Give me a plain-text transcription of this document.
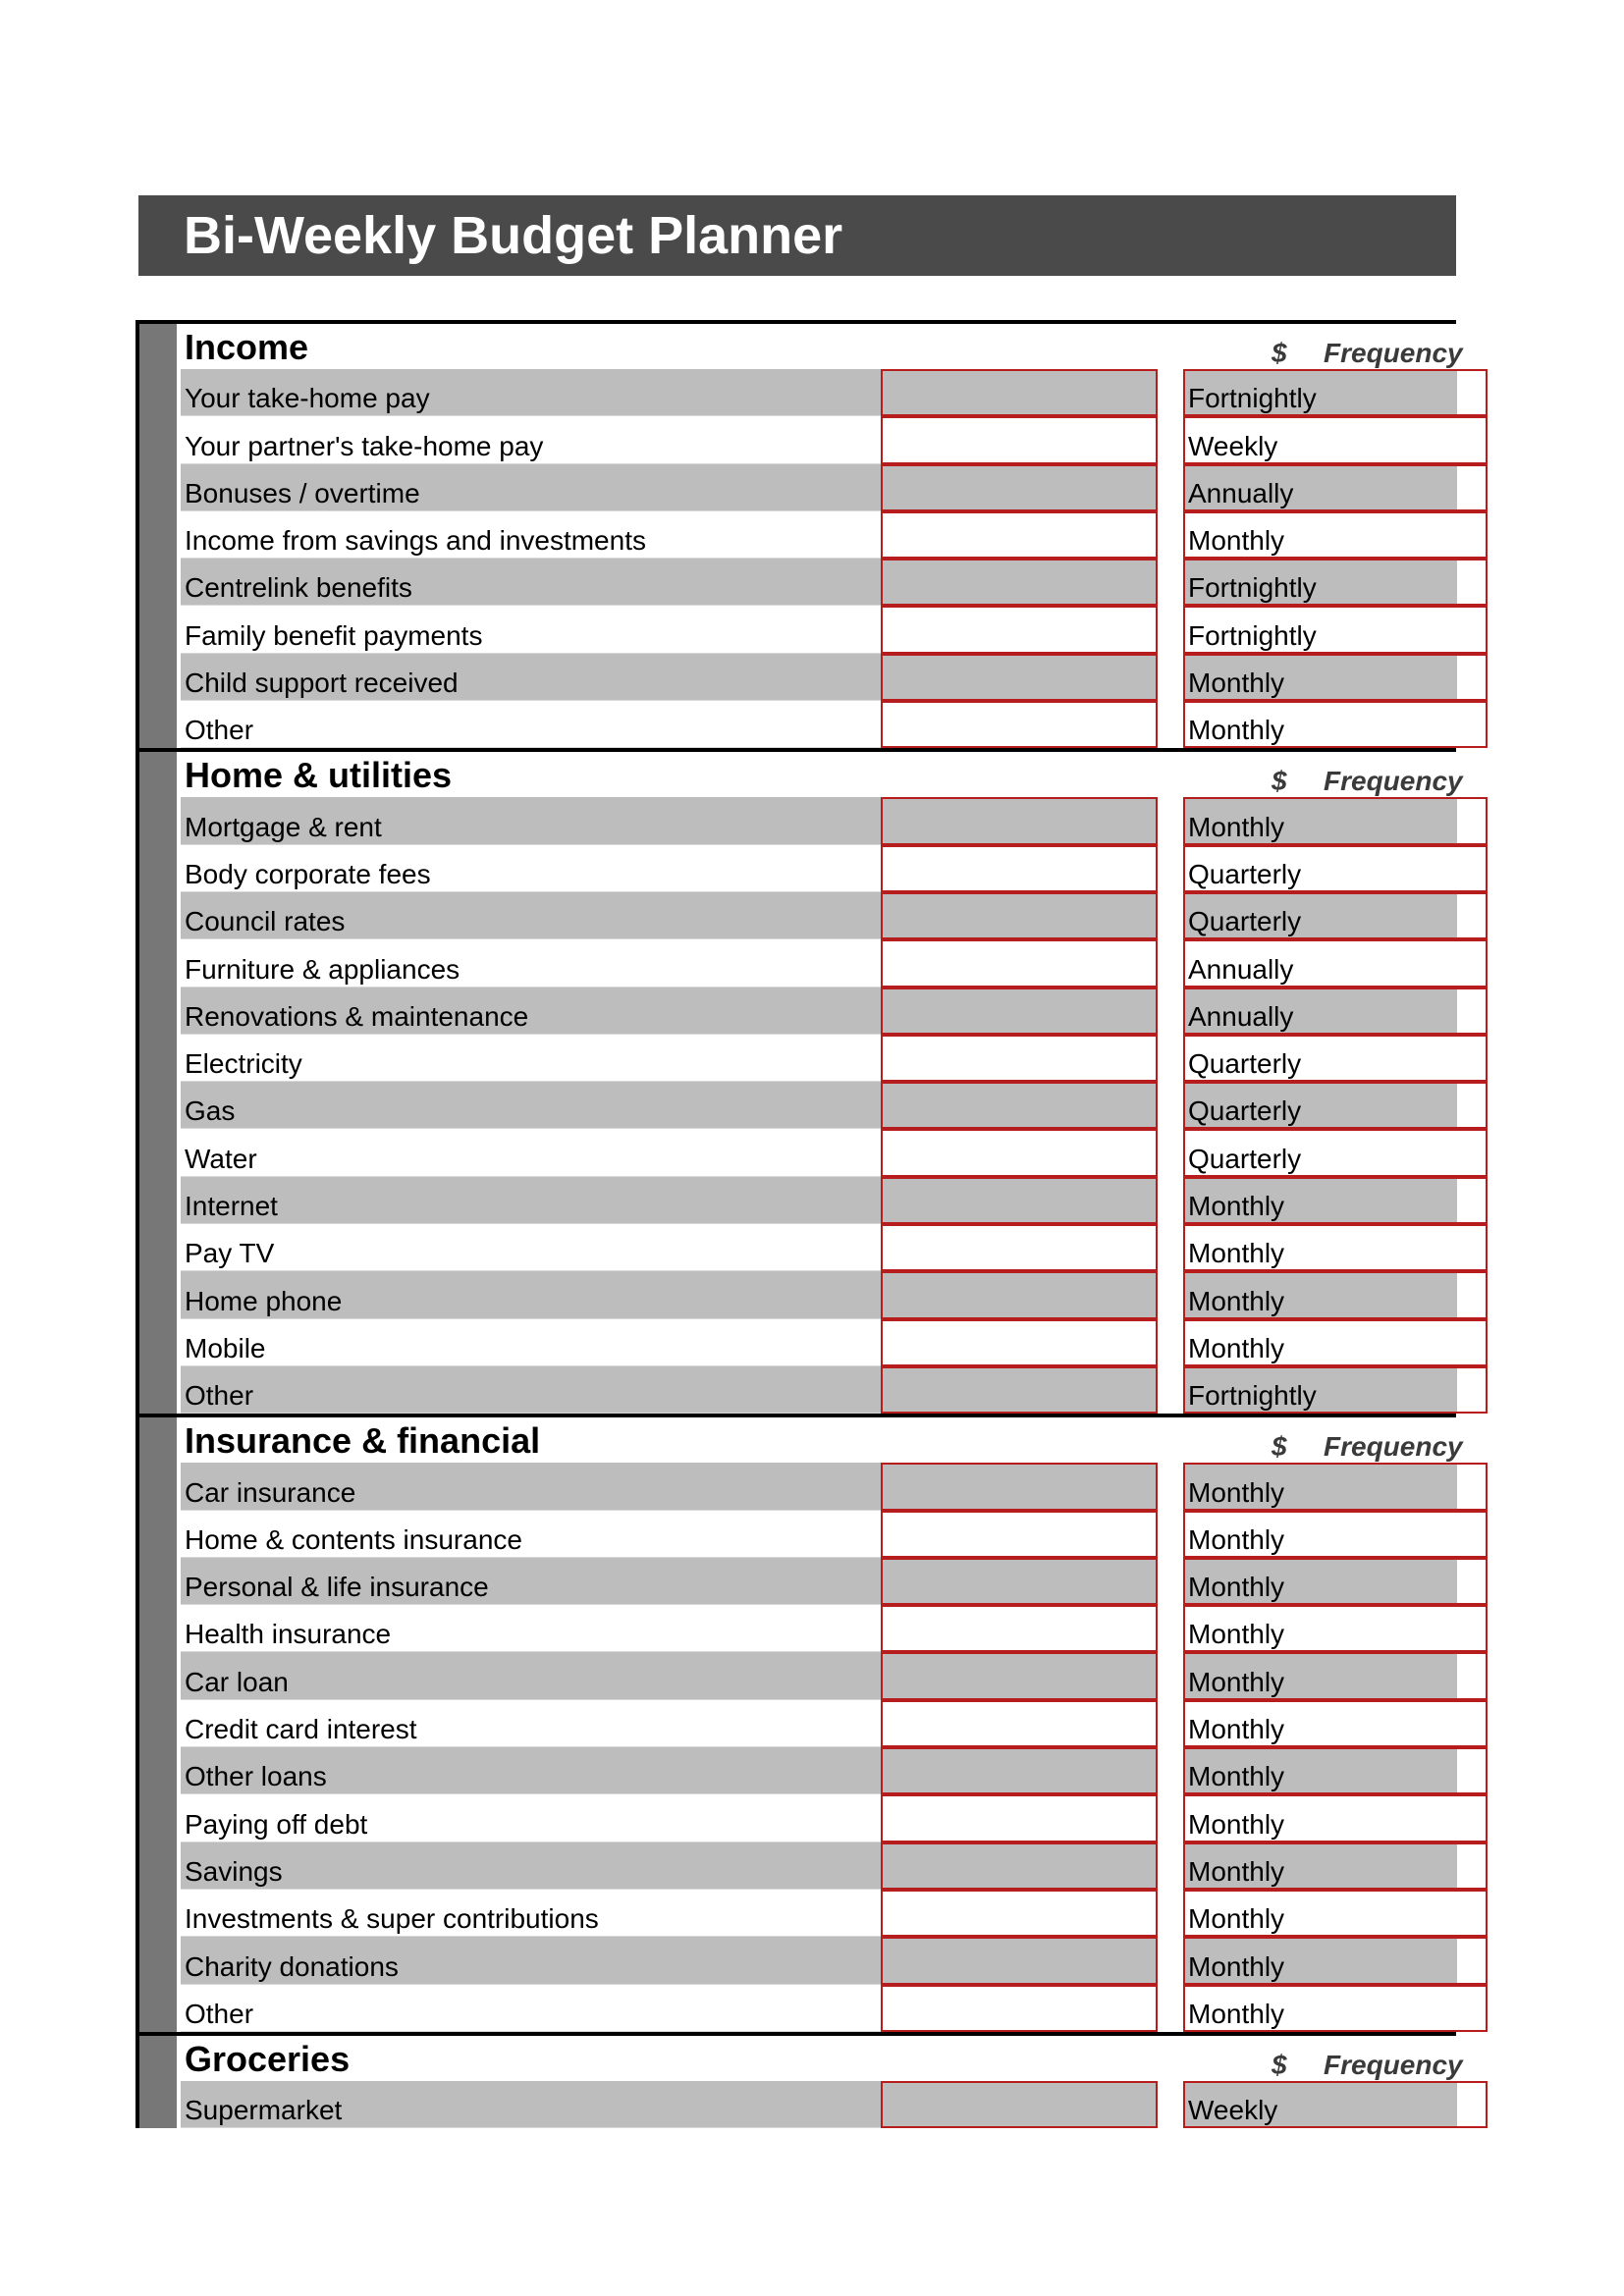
Bi-Weekly Budget Planner
Income	$ Frequency
Your take-home pay	Fortnightly
Your partner's take-home pay	Weekly
Bonuses / overtime	Annually
Income from savings and investments	Monthly
Centrelink benefits	Fortnightly
Family benefit payments	Fortnightly
Child support received	Monthly
Other	Monthly
Home & utilities	$ Frequency
Mortgage & rent	Monthly
Body corporate fees	Quarterly
Council rates	Quarterly
Furniture & appliances	Annually
Renovations & maintenance	Annually
Electricity	Quarterly
Gas	Quarterly
Water	Quarterly
Internet	Monthly
Pay TV	Monthly
Home phone	Monthly
Mobile	Monthly
Other	Fortnightly
Insurance & financial	$ Frequency
Car insurance	Monthly
Home & contents insurance	Monthly
Personal & life insurance	Monthly
Health insurance	Monthly
Car loan	Monthly
Credit card interest	Monthly
Other loans	Monthly
Paying off debt	Monthly
Savings	Monthly
Investments & super contributions	Monthly
Charity donations	Monthly
Other	Monthly
Groceries	$ Frequency
Supermarket	Weekly
